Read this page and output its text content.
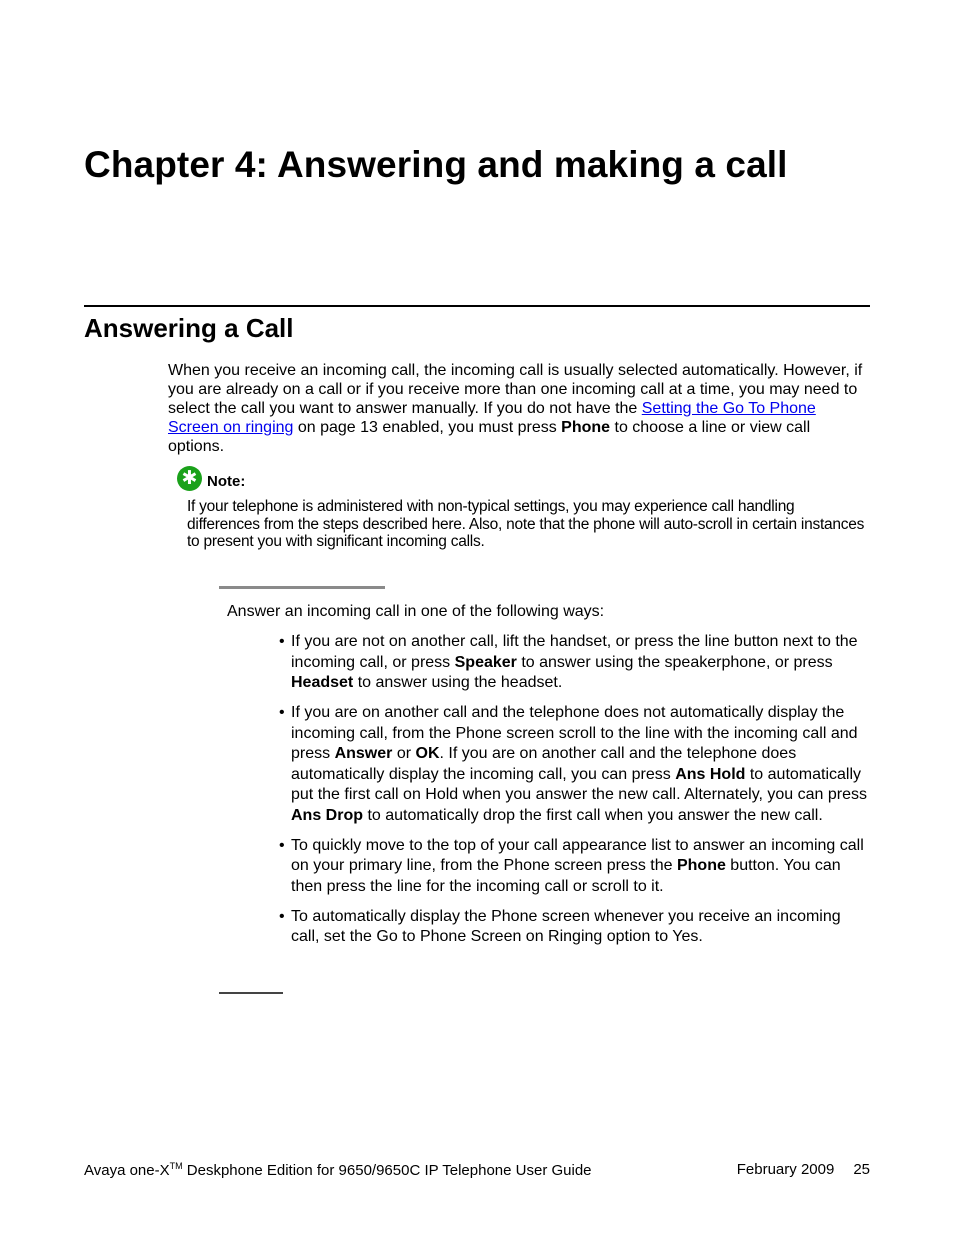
Chapter 4: Answering and making a call
Answering a Call

When you receive an incoming call, the incoming call is usually selected automatically. However, if you are already on a call or if you receive more than one incoming call at a time, you may need to select the call you want to answer manually. If you do not have the Setting the Go To Phone Screen on ringing on page 13 enabled, you must press Phone to choose a line or view call options.

✱ Note:

If your telephone is administered with non-typical settings, you may experience call handling differences from the steps described here. Also, note that the phone will auto-scroll in certain instances to present you with significant incoming calls.

Answer an incoming call in one of the following ways:

• If you are not on another call, lift the handset, or press the line button next to the incoming call, or press Speaker to answer using the speakerphone, or press Headset to answer using the headset.
• If you are on another call and the telephone does not automatically display the incoming call, from the Phone screen scroll to the line with the incoming call and press Answer or OK. If you are on another call and the telephone does automatically display the incoming call, you can press Ans Hold to automatically put the first call on Hold when you answer the new call. Alternately, you can press Ans Drop to automatically drop the first call when you answer the new call.
• To quickly move to the top of your call appearance list to answer an incoming call on your primary line, from the Phone screen press the Phone button. You can then press the line for the incoming call or scroll to it.
• To automatically display the Phone screen whenever you receive an incoming call, set the Go to Phone Screen on Ringing option to Yes.
Avaya one-X™ Deskphone Edition for 9650/9650C IP Telephone User Guide	February 2009 25
